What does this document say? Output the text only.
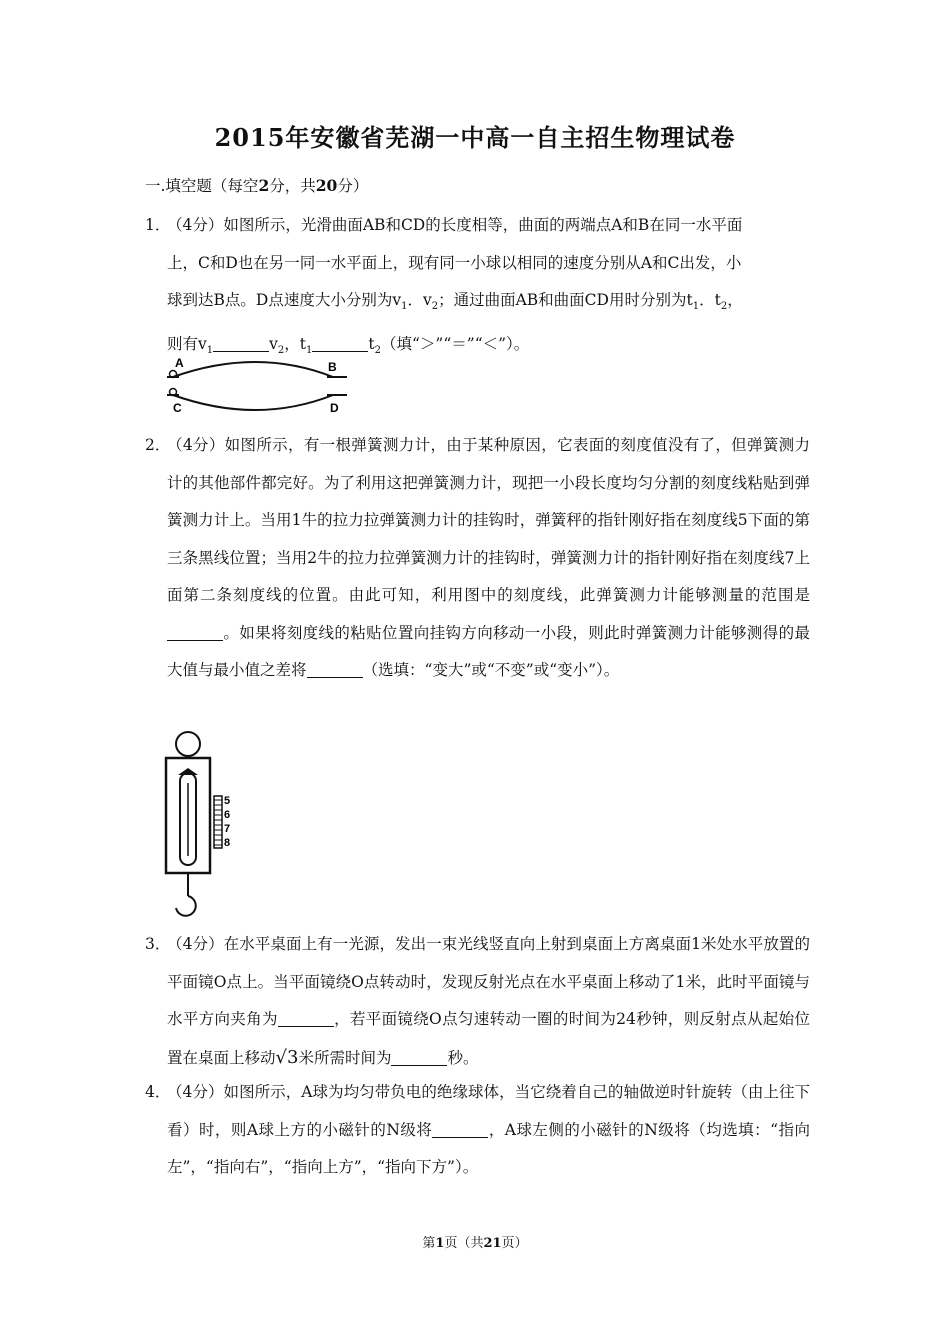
2015年安徽省芜湖一中高一自主招生物理试卷
一.填空题（每空2分，共20分）
1．
（4分）如图所示，光滑曲面AB和CD的长度相等，曲面的两端点A和B在同一水平面
上，C和D也在另一同一水平面上，现有同一小球以相同的速度分别从A和C出发，小
球到达B点。D点速度大小分别为$v_1$．$v_2$；通过曲面AB和曲面CD用时分别为$t_1$．$t_2$，
则有$v_1$	$v_2$，$t_1$	$t_2$（填“＞”“＝”“＜”）。
A	B
C	D
2．
（4分）如图所示，有一根弹簧测力计，由于某种原因，它表面的刻度值没有了，但弹簧测力计的其他部件都完好。为了利用这把弹簧测力计，现把一小段长度均匀分割的刻度线粘贴到弹簧测力计上。当用1牛的拉力拉弹簧测力计的挂钩时，弹簧秤的指针刚好指在刻度线5下面的第三条黑线位置；当用2牛的拉力拉弹簧测力计的挂钩时，弹簧测力计的指针刚好指在刻度线7上面第二条刻度线的位置。由此可知，利用图中的刻度线，此弹簧测力计能够测量的范围是。如果将刻度线的粘贴位置向挂钩方向移动一小段，则此时弹簧测力计能够测得的最大值与最小值之差将	（选填：“变大”或“不变”或“变小”）。
5
6
7
8
3．
（4分）在水平桌面上有一光源，发出一束光线竖直向上射到桌面上方离桌面1米处水平放置的平面镜O点上。当平面镜绕O点转动时，发现反射光点在水平桌面上移动了1米，此时平面镜与水平方向夹角为	，若平面镜绕O点匀速转动一圈的时间为24秒钟，则反射点从起始位置在桌面上移动√3米所需时间为	秒。
4．
（4分）如图所示，A球为均匀带负电的绝缘球体，当它绕着自己的轴做逆时针旋转（由上往下看）时，则A球上方的小磁针的N级将	，A球左侧的小磁针的N级将（均选填：“指向左”，“指向右”，“指向上方”，“指向下方”）。
第1页（共21页）
